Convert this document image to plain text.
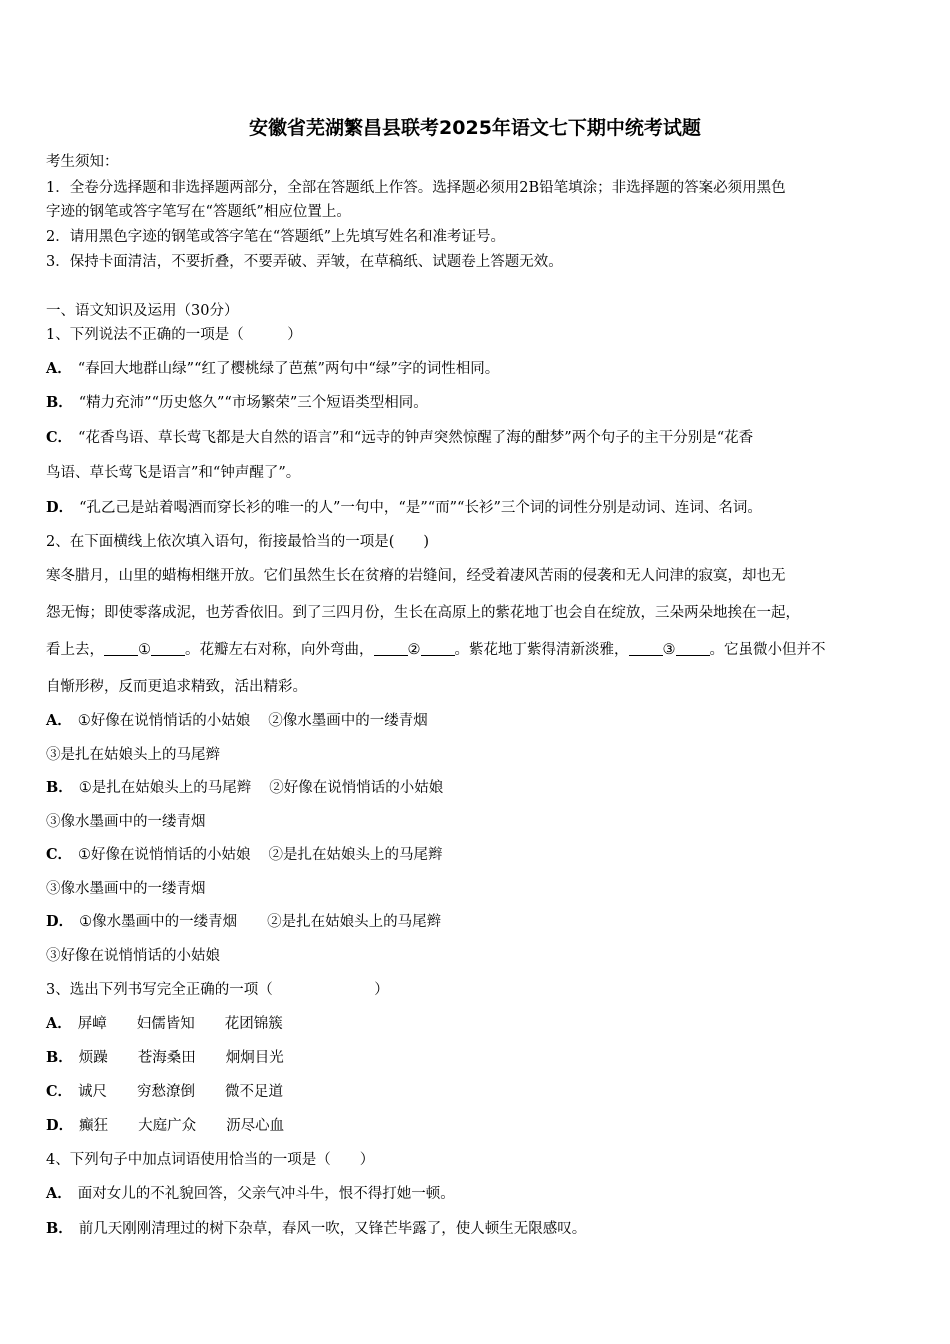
安徽省芜湖繁昌县联考2025年语文七下期中统考试题
考生须知：
1．全卷分选择题和非选择题两部分，全部在答题纸上作答。选择题必须用2B铅笔填涂；非选择题的答案必须用黑色
字迹的钢笔或答字笔写在“答题纸”相应位置上。
2．请用黑色字迹的钢笔或答字笔在“答题纸”上先填写姓名和准考证号。
3．保持卡面清洁，不要折叠，不要弄破、弄皱，在草稿纸、试题卷上答题无效。
一、语文知识及运用（30分）
1、下列说法不正确的一项是（　　　）
A． “春回大地群山绿”“红了樱桃绿了芭蕉”两句中“绿”字的词性相同。
B． “精力充沛”“历史悠久”“市场繁荣”三个短语类型相同。
C． “花香鸟语、草长莺飞都是大自然的语言”和“远寺的钟声突然惊醒了海的酣梦”两个句子的主干分别是“花香
鸟语、草长莺飞是语言”和“钟声醒了”。
D． “孔乙己是站着喝酒而穿长衫的唯一的人”一句中，“是”“而”“长衫”三个词的词性分别是动词、连词、名词。
2、在下面横线上依次填入语句，衔接最恰当的一项是(　　)
寒冬腊月，山里的蜡梅相继开放。它们虽然生长在贫瘠的岩缝间，经受着凄风苦雨的侵袭和无人问津的寂寞，却也无
怨无悔；即使零落成泥，也芳香依旧。到了三四月份，生长在高原上的紫花地丁也会自在绽放，三朵两朵地挨在一起，
看上去， ① 。花瓣左右对称，向外弯曲， ② 。紫花地丁紫得清新淡雅， ③ 。它虽微小但并不
自惭形秽，反而更追求精致，活出精彩。
A． ①好像在说悄悄话的小姑娘 ②像水墨画中的一缕青烟
③是扎在姑娘头上的马尾辫
B． ①是扎在姑娘头上的马尾辫 ②好像在说悄悄话的小姑娘
③像水墨画中的一缕青烟
C． ①好像在说悄悄话的小姑娘 ②是扎在姑娘头上的马尾辫
③像水墨画中的一缕青烟
D． ①像水墨画中的一缕青烟 ②是扎在姑娘头上的马尾辫
③好像在说悄悄话的小姑娘
3、选出下列书写完全正确的一项（　　　　　　　）
A． 屏嶂 妇儒皆知 花团锦簇
B． 烦躁 苍海桑田 炯炯目光
C． 诚尺 穷愁潦倒 微不足道
D． 癫狂 大庭广众 沥尽心血
4、下列句子中加点词语使用恰当的一项是（　　）
A． 面对女儿的不礼貌回答，父亲气冲斗牛，恨不得打她一顿。
B． 前几天刚刚清理过的树下杂草，春风一吹，又锋芒毕露了，使人顿生无限感叹。
